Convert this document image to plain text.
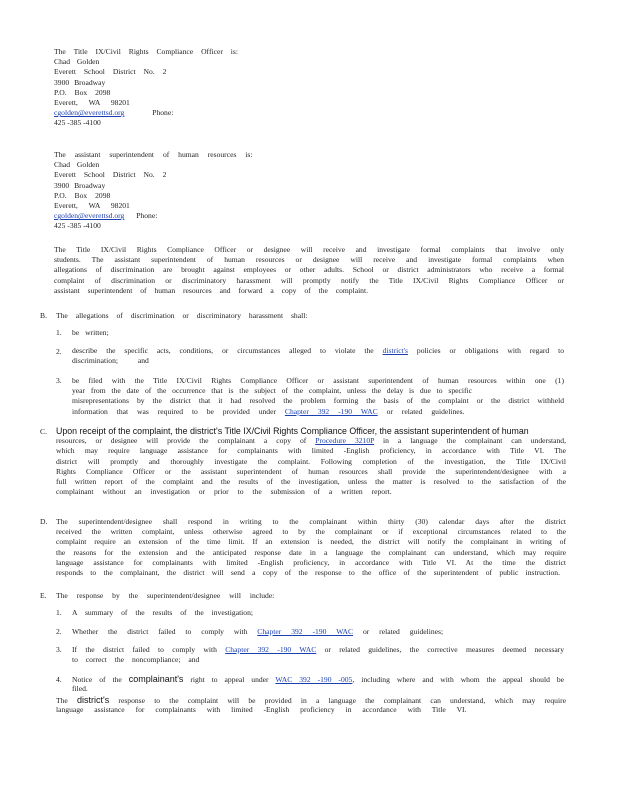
The Title IX/Civil Rights Compliance Officer is:
Chad Golden
Everett School District No. 2
3900 Broadway
P.O. Box 2098
Everett, WA 98201
cgolden@everettsd.org	Phone:
425 -385 -4100
The assistant superintendent of human resources is:
Chad Golden
Everett School District No. 2
3900 Broadway
P.O. Box 2098
Everett, WA 98201
cgolden@everettsd.org Phone:
425 -385 -4100
The Title IX/Civil Rights Compliance Officer or designee will receive and investigate formal complaints that involve only
students. The assistant superintendent of human resources or designee will receive and investigate formal complaints when
allegations of discrimination are brought against employees or other adults. School or district administrators who receive a formal
complaint of discrimination or discriminatory harassment will promptly notify the Title IX/Civil Rights Compliance Officer or
assistant superintendent of human resources and forward a copy of the complaint.
B. The allegations of discrimination or discriminatory harassment shall:
1. be written;
2. describe the specific acts, conditions, or circumstances alleged to violate the district's policies or obligations with regard to
discrimination; and
3. be filed with the Title IX/Civil Rights Compliance Officer or assistant superintendent of human resources within one (1)
year from the date of the occurrence that is the subject of the complaint, unless the delay is due to specific
misrepresentations by the district that it had resolved the problem forming the basis of the complaint or the district withheld
information that was required to be provided under Chapter 392 -190 WAC or related guidelines.
C. Upon receipt of the complaint, the district's Title IX/Civil Rights Compliance Officer, the assistant superintendent of human
resources, or designee will provide the complainant a copy of Procedure 3210P in a language the complainant can understand,
which may require language assistance for complainants with limited -English proficiency, in accordance with Title VI. The
district will promptly and thoroughly investigate the complaint. Following completion of the investigation, the Title IX/Civil
Rights Compliance Officer or the assistant superintendent of human resources shall provide the superintendent/designee with a
full written report of the complaint and the results of the investigation, unless the matter is resolved to the satisfaction of the
complainant without an investigation or prior to the submission of a written report.
D. The superintendent/designee shall respond in writing to the complainant within thirty (30) calendar days after the district
received the written complaint, unless otherwise agreed to by the complainant or if exceptional circumstances related to the
complaint require an extension of the time limit. If an extension is needed, the district will notify the complainant in writing of
the reasons for the extension and the anticipated response date in a language the complainant can understand, which may require
language assistance for complainants with limited -English proficiency, in accordance with Title VI. At the time the district
responds to the complainant, the district will send a copy of the response to the office of the superintendent of public instruction.
E. The response by the superintendent/designee will include:
1. A summary of the results of the investigation;
2. Whether the district failed to comply with Chapter 392 -190 WAC or related guidelines;
3. If the district failed to comply with Chapter 392 -190 WAC or related guidelines, the corrective measures deemed necessary
to correct the noncompliance; and
4. Notice of the complainant's right to appeal under WAC 392 -190 -005, including where and with whom the appeal should be
filed.
The district's response to the complaint will be provided in a language the complainant can understand, which may require
language assistance for complainants with limited -English proficiency in accordance with Title VI.
